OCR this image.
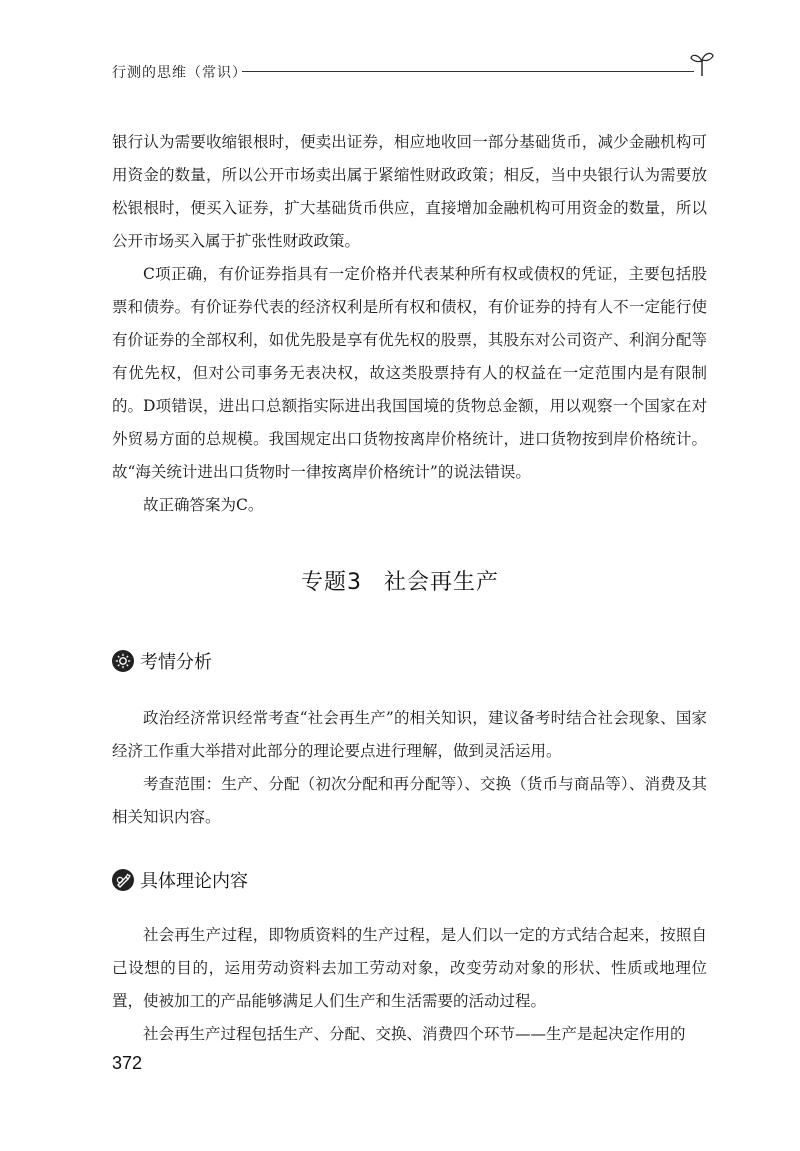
行测的思维（常识）

银行认为需要收缩银根时，便卖出证券，相应地收回一部分基础货币，减少金融机构可用资金的数量，所以公开市场卖出属于紧缩性财政政策；相反，当中央银行认为需要放松银根时，便买入证券，扩大基础货币供应，直接增加金融机构可用资金的数量，所以公开市场买入属于扩张性财政政策。

C项正确，有价证券指具有一定价格并代表某种所有权或债权的凭证，主要包括股票和债券。有价证券代表的经济权利是所有权和债权，有价证券的持有人不一定能行使有价证券的全部权利，如优先股是享有优先权的股票，其股东对公司资产、利润分配等有优先权，但对公司事务无表决权，故这类股票持有人的权益在一定范围内是有限制的。 D项错误，进出口总额指实际进出我国国境的货物总金额，用以观察一个国家在对外贸易方面的总规模。我国规定出口货物按离岸价格统计，进口货物按到岸价格统计。故“海关统计进出口货物时一律按离岸价格统计”的说法错误。

故正确答案为C。

专题3 社会再生产
考情分析

政治经济常识经常考查“社会再生产”的相关知识，建议备考时结合社会现象、国家经济工作重大举措对此部分的理论要点进行理解，做到灵活运用。

考查范围：生产、分配（初次分配和再分配等）、交换（货币与商品等）、消费及其相关知识内容。

具体理论内容

社会再生产过程，即物质资料的生产过程，是人们以一定的方式结合起来，按照自己设想的目的，运用劳动资料去加工劳动对象，改变劳动对象的形状、性质或地理位置，使被加工的产品能够满足人们生产和生活需要的活动过程。

社会再生产过程包括生产、分配、交换、消费四个环节——生产是起决定作用的

372
